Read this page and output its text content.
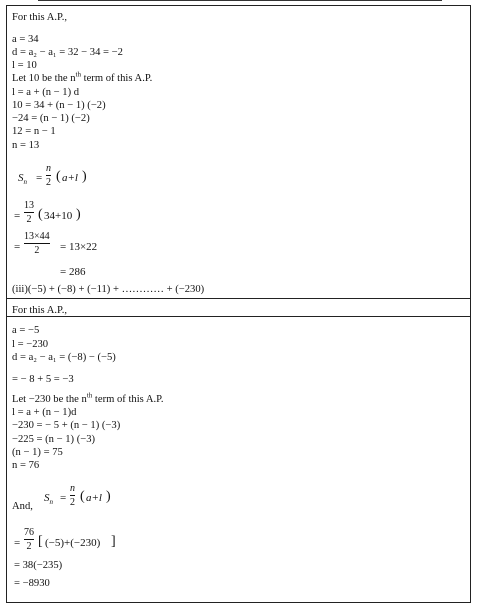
For this A.P.,
a = 34
d = a₂ − a₁ = 32 − 34 = −2
l = 10
Let 10 be the $n^{th}$ term of this A.P.
l = a + (n − 1) d
10 = 34 + (n − 1) (−2)
−24 = (n − 1) (−2)
12 = n − 1
n = 13
$S_n$ =
n
2 ( a+l )
=
13
2 ( 34+10 )
=
13×44
2 = 13×22
= 286
(iii)(−5) + (−8) + (−11) + ………… + (−230)
For this A.P.,
a = −5
l = −230
d = a₂ − a₁ = (−8) − (−5)
= − 8 + 5 = −3
Let −230 be the $n^{th}$ term of this A.P.
l = a + (n − 1)d
−230 = − 5 + (n − 1) (−3)
−225 = (n − 1) (−3)
(n − 1) = 75
n = 76
And,
$S_n$ =
n
2 ( a+l )
=
76
2 [ (−5)+(−230) ]
= 38(−235)
= −8930
